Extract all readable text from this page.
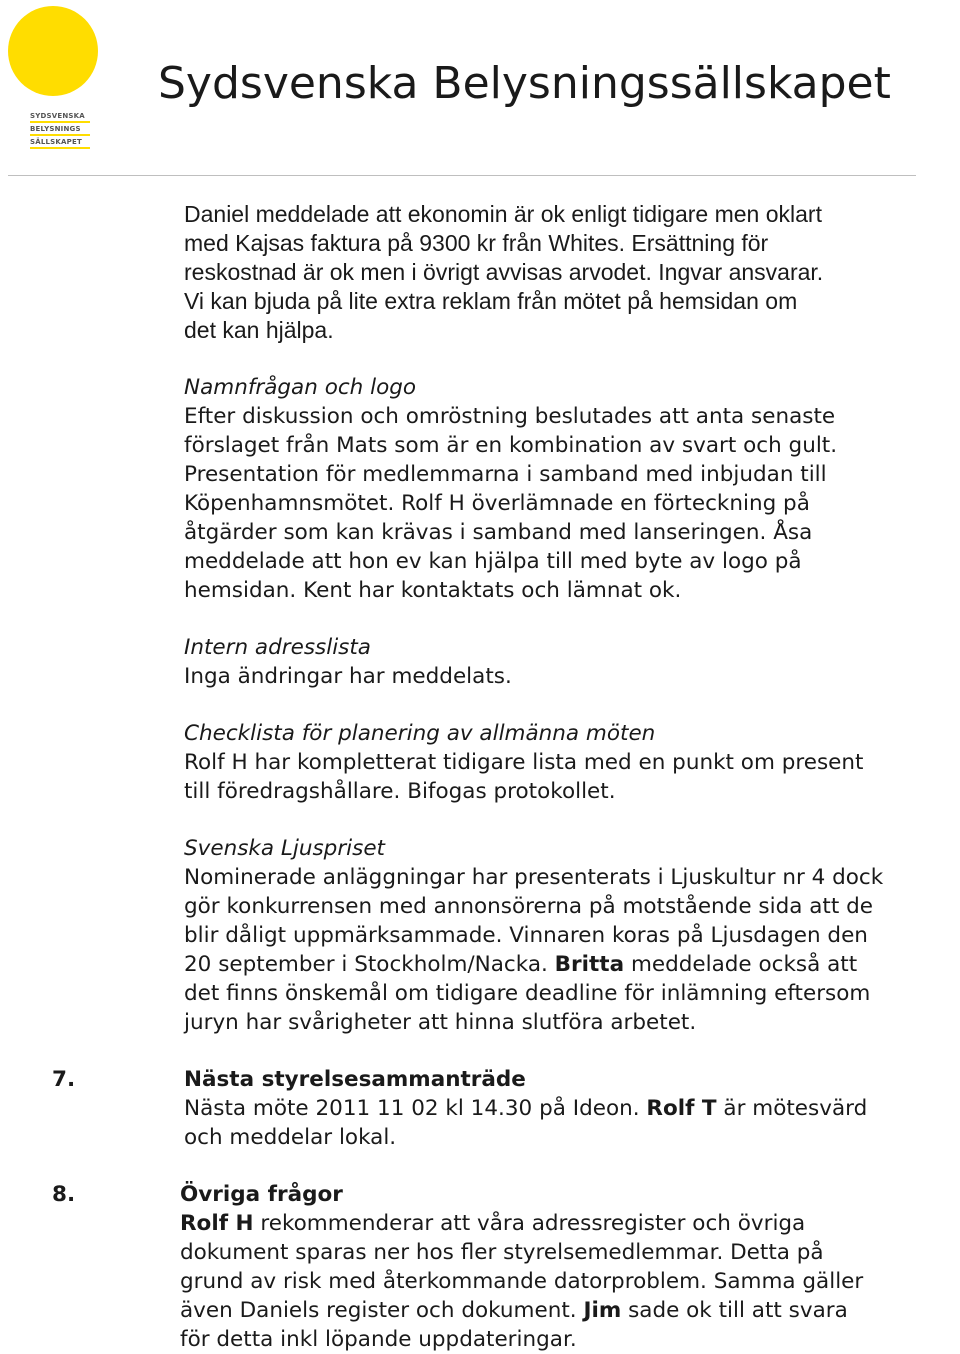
SYDSVENSKA
BELYSNINGS
SÄLLSKAPET
Sydsvenska Belysningssällskapet
Daniel meddelade att ekonomin är ok enligt tidigare men oklart
med Kajsas faktura på 9300 kr från Whites. Ersättning för
reskostnad är ok men i övrigt avvisas arvodet. Ingvar ansvarar.
Vi kan bjuda på lite extra reklam från mötet på hemsidan om
det kan hjälpa.
Namnfrågan och logo
Efter diskussion och omröstning beslutades att anta senaste
förslaget från Mats som är en kombination av svart och gult.
Presentation för medlemmarna i samband med inbjudan till
Köpenhamnsmötet. Rolf H överlämnade en förteckning på
åtgärder som kan krävas i samband med lanseringen. Åsa
meddelade att hon ev kan hjälpa till med byte av logo på
hemsidan. Kent har kontaktats och lämnat ok.
Intern adresslista
Inga ändringar har meddelats.
Checklista för planering av allmänna möten
Rolf H har kompletterat tidigare lista med en punkt om present
till föredragshållare. Bifogas protokollet.
Svenska Ljuspriset
Nominerade anläggningar har presenterats i Ljuskultur nr 4 dock
gör konkurrensen med annonsörerna på motstående sida att de
blir dåligt uppmärksammade. Vinnaren koras på Ljusdagen den
20 september i Stockholm/Nacka. Britta meddelade också att
det finns önskemål om tidigare deadline för inlämning eftersom
juryn har svårigheter att hinna slutföra arbetet.
7.	Nästa styrelsesammanträde
Nästa möte 2011 11 02 kl 14.30 på Ideon. Rolf T är mötesvärd
och meddelar lokal.
8.	Övriga frågor
Rolf H rekommenderar att våra adressregister och övriga
dokument sparas ner hos fler styrelsemedlemmar. Detta på
grund av risk med återkommande datorproblem. Samma gäller
även Daniels register och dokument. Jim sade ok till att svara
för detta inkl löpande uppdateringar.
